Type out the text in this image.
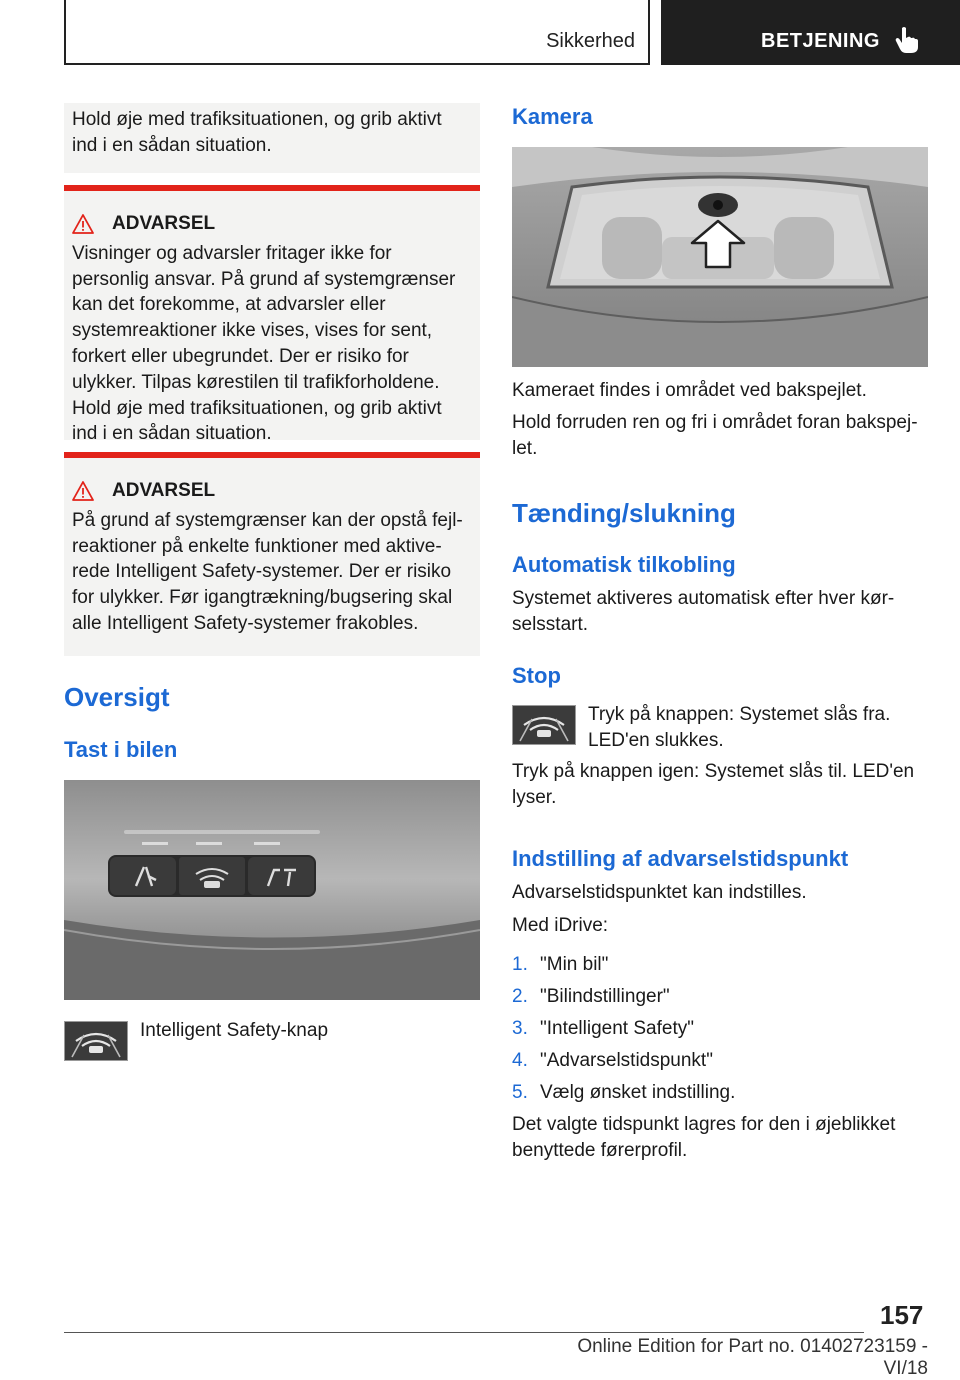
Sikkerhed	BETJENING

Hold øje med trafiksituationen, og grib aktivt ind i en sådan situation.

ADVARSEL

Visninger og advarsler fritager ikke for personlig ansvar. På grund af systemgrænser kan det forekomme, at advarsler eller systemreaktioner ikke vises, vises for sent, forkert eller ubegrundet. Der er risiko for ulykker. Tilpas kørestilen til trafikforholdene. Hold øje med trafiksituationen, og grib aktivt ind i en sådan situation.

ADVARSEL

På grund af systemgrænser kan der opstå fejlreaktioner på enkelte funktioner med aktiverede Intelligent Safety-systemer. Der er risiko for ulykker. Før igangtrækning/bugsering skal alle Intelligent Safety-systemer frakobles.

Oversigt
Tast i bilen

Intelligent Safety-knap

Kamera

Kameraet findes i området ved bakspejlet.

Hold forruden ren og fri i området foran bakspejlet.

Tænding/slukning
Automatisk tilkobling

Systemet aktiveres automatisk efter hver kørselsstart.

Stop

Tryk på knappen: Systemet slås fra. LED'en slukkes.

Tryk på knappen igen: Systemet slås til. LED'en lyser.

Indstilling af advarselstidspunkt

Advarselstidspunktet kan indstilles.

Med iDrive:

1. "Min bil"
2. "Bilindstillinger"
3. "Intelligent Safety"
4. "Advarselstidspunkt"
5. Vælg ønsket indstilling.

Det valgte tidspunkt lagres for den i øjeblikket benyttede førerprofil.

157
Online Edition for Part no. 01402723159 - VI/18
